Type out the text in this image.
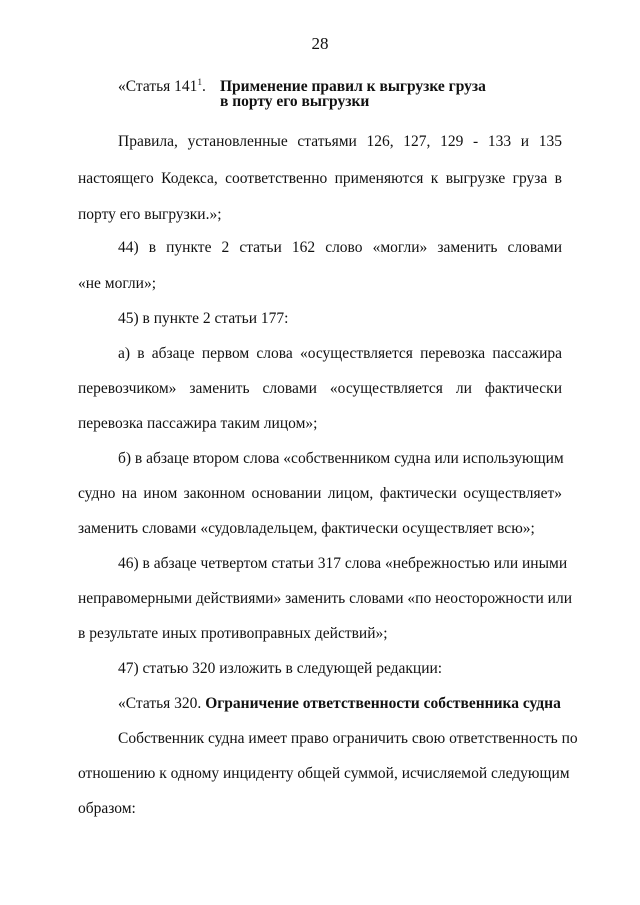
28
«Статья $141^1$. Применение правил к выгрузке груза
в порту его выгрузки
Правила, установленные статьями 126, 127, 129 - 133 и 135
настоящего Кодекса, соответственно применяются к выгрузке груза в
порту его выгрузки.»;
44) в пункте 2 статьи 162 слово «могли» заменить словами
«не могли»;
45) в пункте 2 статьи 177:
а) в абзаце первом слова «осуществляется перевозка пассажира
перевозчиком» заменить словами «осуществляется ли фактически
перевозка пассажира таким лицом»;
б) в абзаце втором слова «собственником судна или использующим
судно на ином законном основании лицом, фактически осуществляет»
заменить словами «судовладельцем, фактически осуществляет всю»;
46) в абзаце четвертом статьи 317 слова «небрежностью или иными
неправомерными действиями» заменить словами «по неосторожности или
в результате иных противоправных действий»;
47) статью 320 изложить в следующей редакции:
«Статья 320. Ограничение ответственности собственника судна
Собственник судна имеет право ограничить свою ответственность по
отношению к одному инциденту общей суммой, исчисляемой следующим
образом:
